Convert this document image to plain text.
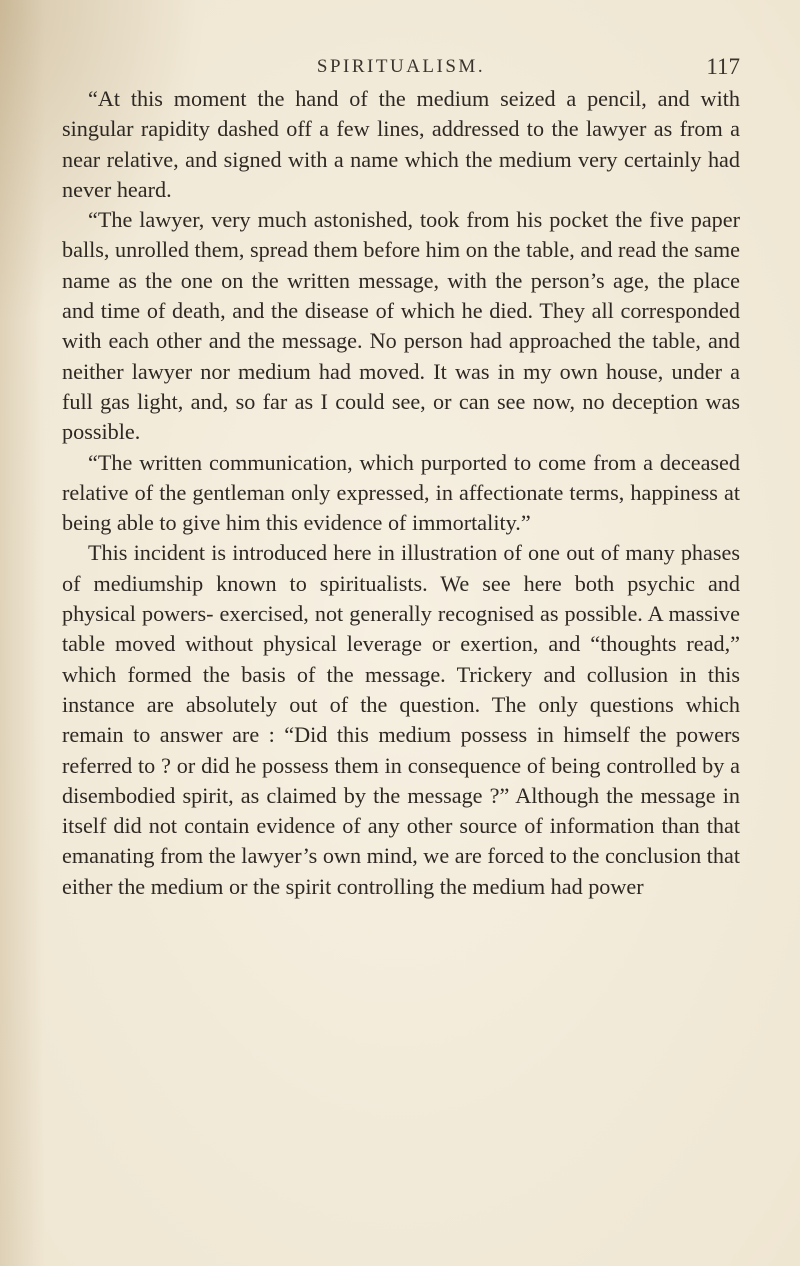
SPIRITUALISM.	117

“At this moment the hand of the medium seized a pencil, and with singular rapidity dashed off a few lines, addressed to the lawyer as from a near relative, and signed with a name which the medium very certainly had never heard.

“The lawyer, very much astonished, took from his pocket the five paper balls, unrolled them, spread them before him on the table, and read the same name as the one on the written message, with the person’s age, the place and time of death, and the disease of which he died. They all corresponded with each other and the message. No person had approached the table, and neither lawyer nor medium had moved. It was in my own house, under a full gas light, and, so far as I could see, or can see now, no deception was possible.

“The written communication, which purported to come from a deceased relative of the gentleman only expressed, in affectionate terms, happiness at being able to give him this evidence of immortality.”

This incident is introduced here in illustration of one out of many phases of mediumship known to spiritualists. We see here both psychic and physical powers- exercised, not generally recognised as possible. A massive table moved without physical leverage or exertion, and “thoughts read,” which formed the basis of the message. Trickery and collusion in this instance are absolutely out of the question. The only questions which remain to answer are : “Did this medium possess in himself the powers referred to ? or did he possess them in consequence of being controlled by a disembodied spirit, as claimed by the message ?” Although the message in itself did not contain evidence of any other source of information than that emanating from the lawyer’s own mind, we are forced to the conclusion that either the medium or the spirit controlling the medium had power
